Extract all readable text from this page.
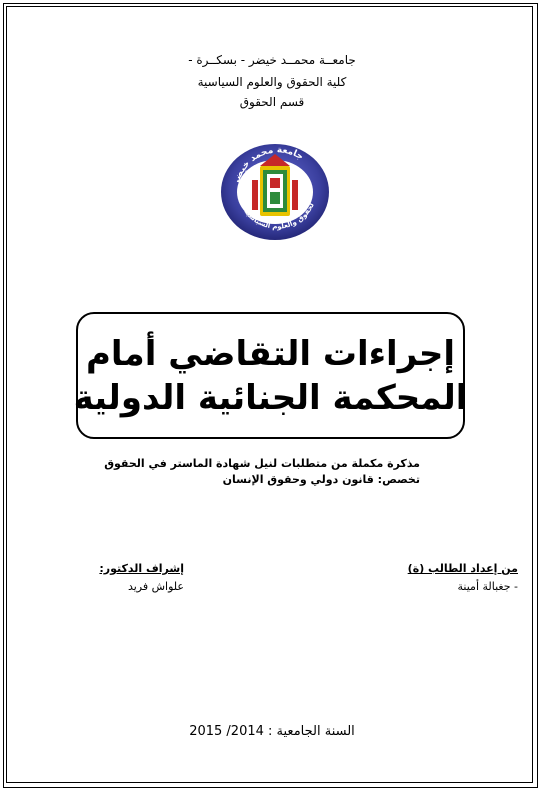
جامعــة محمــد خيضر - بسكــرة -
كلية الحقوق والعلوم السياسية
قسم الحقوق
جامعة محمد خيضر
لحقوق والعلوم السياسية
إجراءات التقاضي أمام
المحكمة الجنائية الدولية
مذكرة مكملة من متطلبات لنيل شهادة الماستر في الحقوق
تخصص: قانون دولي وحقوق الإنسان
من إعداد الطالب (ة)
- جغبالة أمينة
إشراف الدكتور:
علواش فريد
السنة الجامعية : 2014/ 2015
